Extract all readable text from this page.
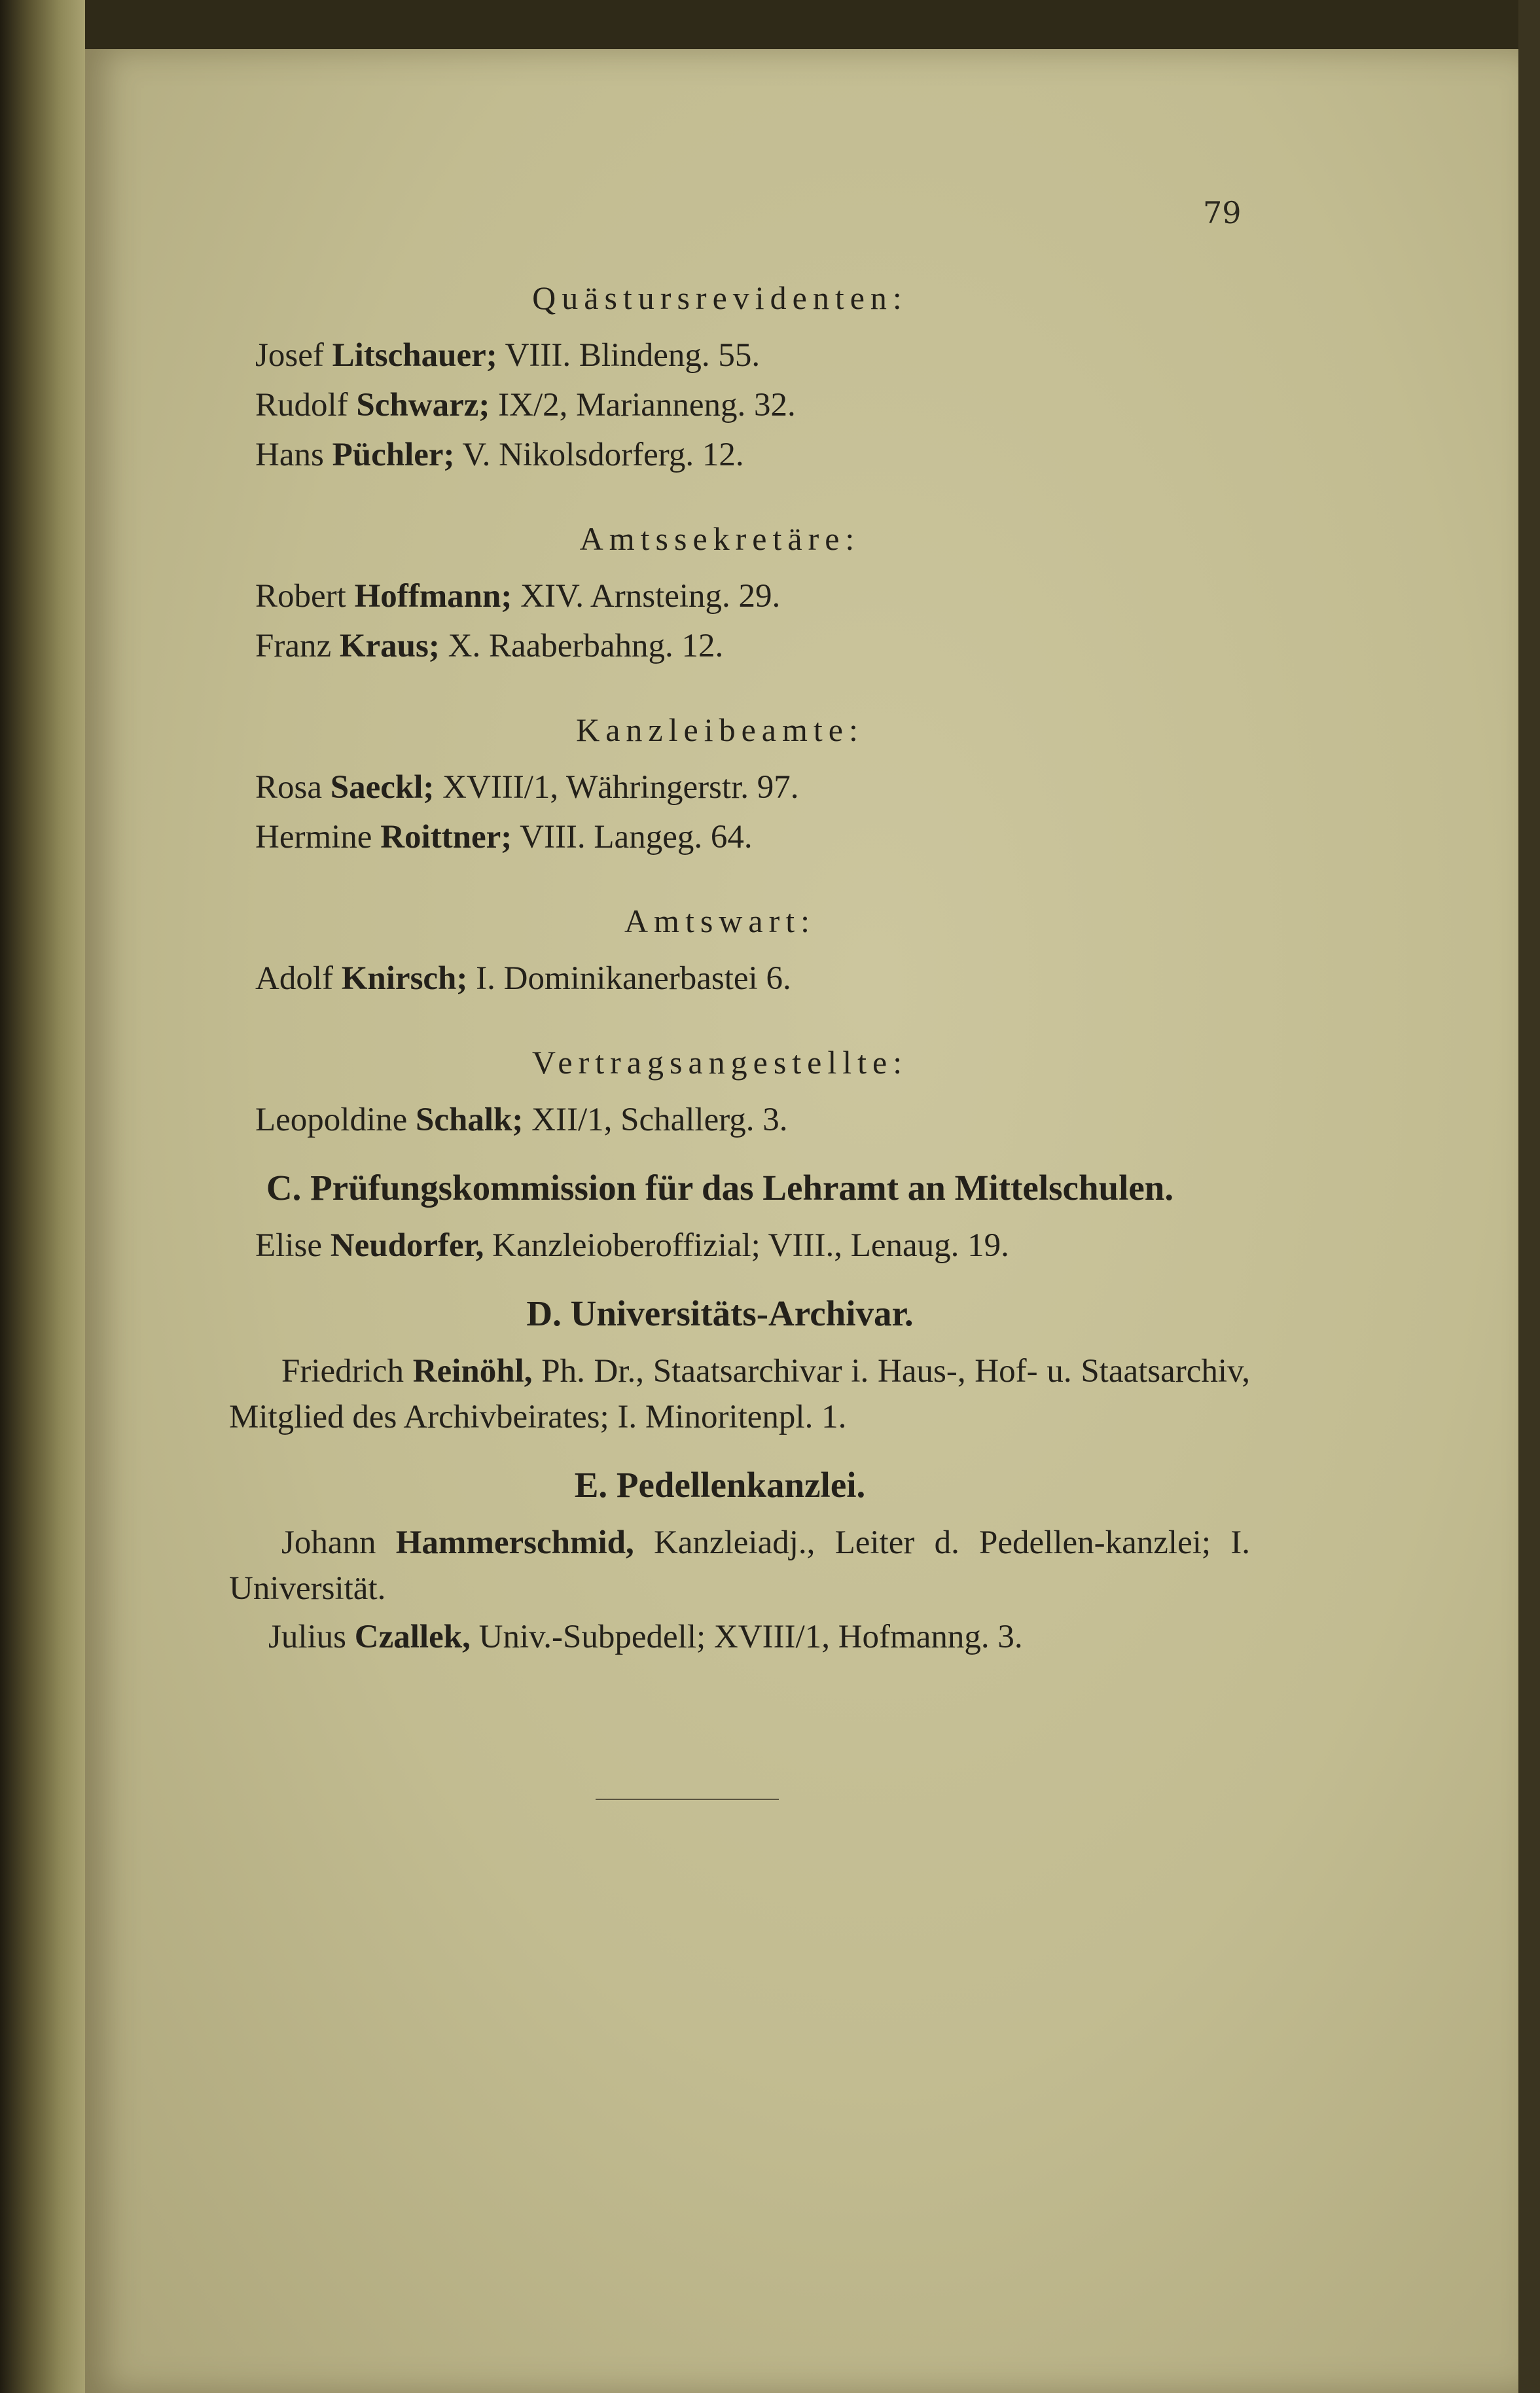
79
Quästursrevidenten:
Josef Litschauer; VIII. Blindeng. 55.
Rudolf Schwarz; IX/2, Marianneng. 32.
Hans Püchler; V. Nikolsdorferg. 12.
Amtssekretäre:
Robert Hoffmann; XIV. Arnsteing. 29.
Franz Kraus; X. Raaberbahng. 12.
Kanzleibeamte:
Rosa Saeckl; XVIII/1, Währingerstr. 97.
Hermine Roittner; VIII. Langeg. 64.
Amtswart:
Adolf Knirsch; I. Dominikanerbastei 6.
Vertragsangestellte:
Leopoldine Schalk; XII/1, Schallerg. 3.
C. Prüfungskommission für das Lehramt an Mittelschulen.
Elise Neudorfer, Kanzleioberoffizial; VIII., Lenaug. 19.
D. Universitäts-Archivar.
Friedrich Reinöhl, Ph. Dr., Staatsarchivar i. Haus-, Hof- u. Staatsarchiv, Mitglied des Archivbeirates; I. Minoritenpl. 1.
E. Pedellenkanzlei.
Johann Hammerschmid, Kanzleiadj., Leiter d. Pedellen-kanzlei; I. Universität.
Julius Czallek, Univ.-Subpedell; XVIII/1, Hofmanng. 3.
